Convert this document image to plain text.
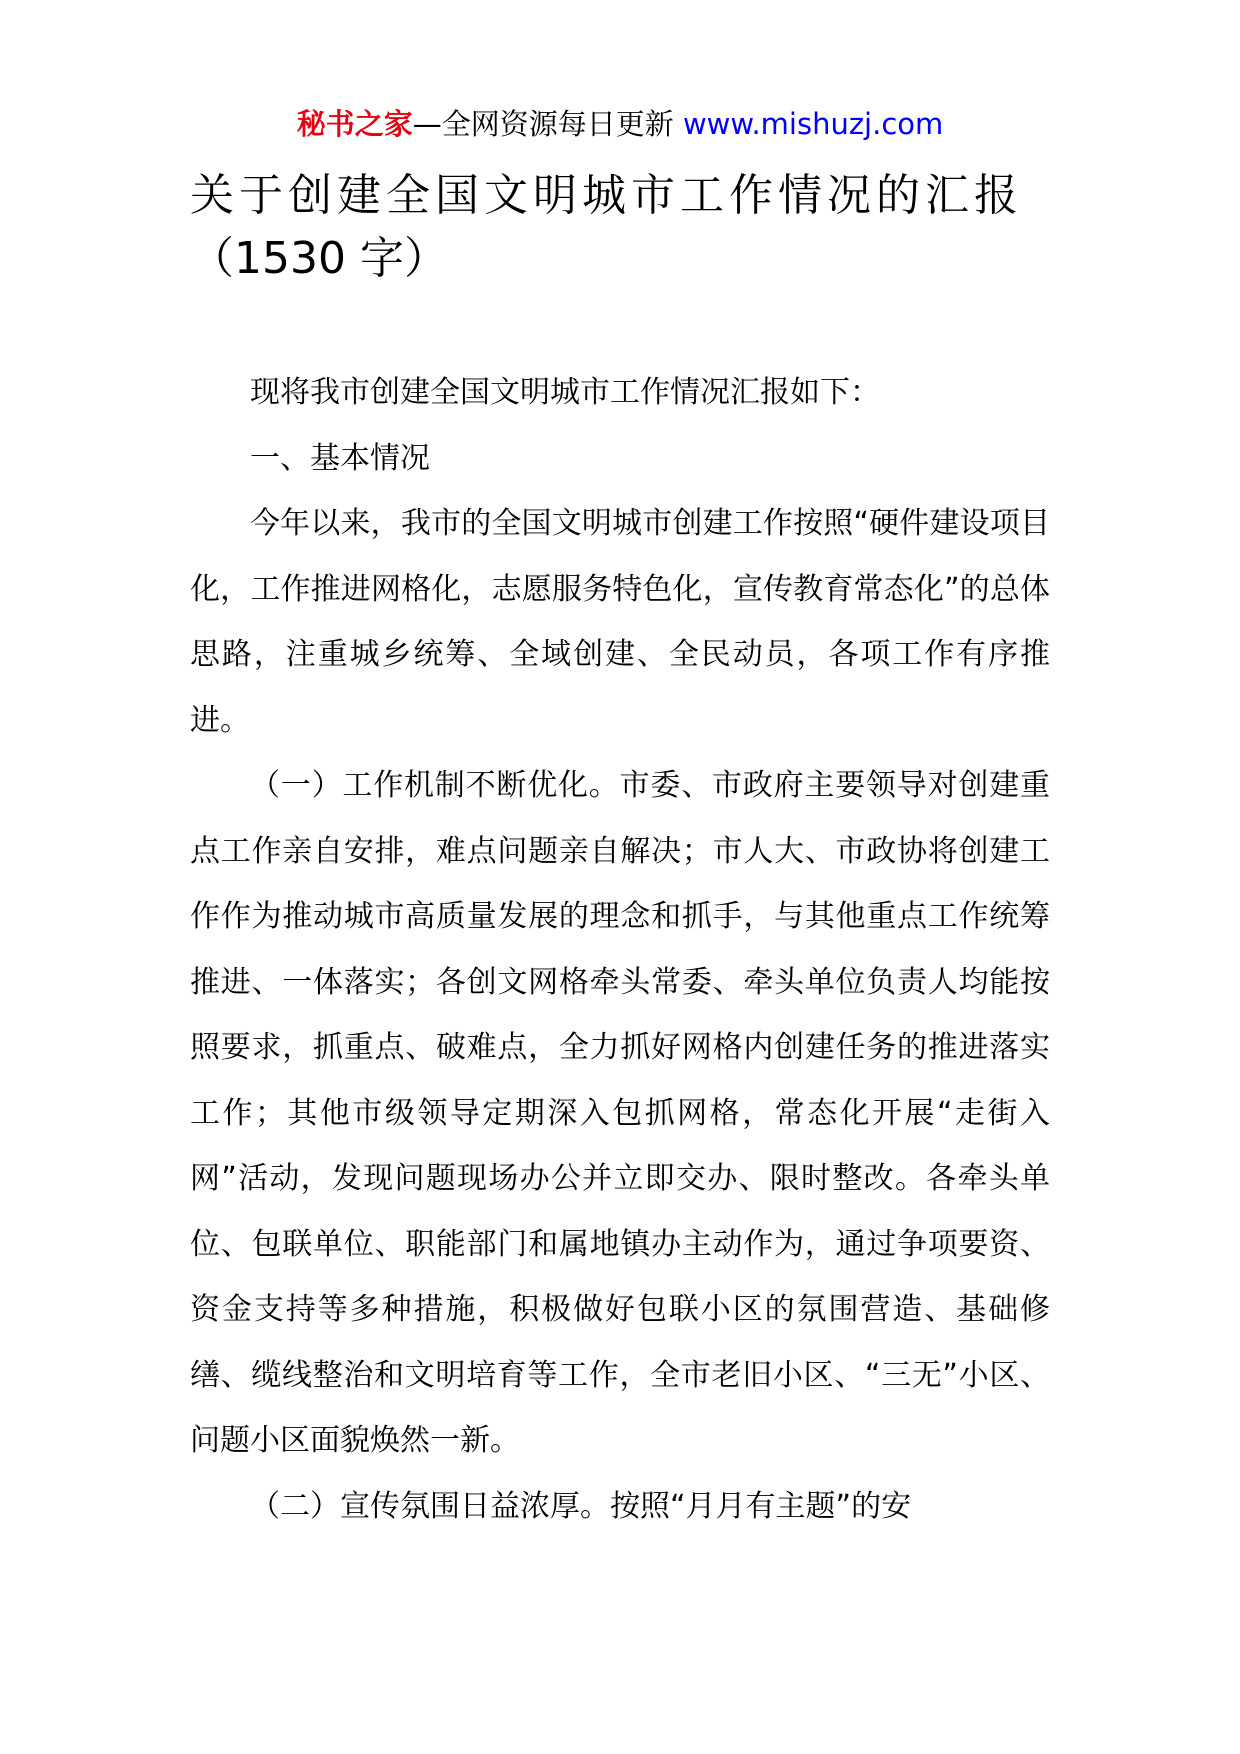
秘书之家—全网资源每日更新 www.mishuzj.com
关于创建全国文明城市工作情况的汇报
（1530 字）

现将我市创建全国文明城市工作情况汇报如下：

一、基本情况

今年以来，我市的全国文明城市创建工作按照“硬件建设项目化，工作推进网格化，志愿服务特色化，宣传教育常态化”的总体思路，注重城乡统筹、全域创建、全民动员，各项工作有序推进。

（一）工作机制不断优化。市委、市政府主要领导对创建重点工作亲自安排，难点问题亲自解决；市人大、市政协将创建工作作为推动城市高质量发展的理念和抓手，与其他重点工作统筹推进、一体落实；各创文网格牵头常委、牵头单位负责人均能按照要求，抓重点、破难点，全力抓好网格内创建任务的推进落实工作；其他市级领导定期深入包抓网格，常态化开展“走街入网”活动，发现问题现场办公并立即交办、限时整改。各牵头单位、包联单位、职能部门和属地镇办主动作为，通过争项要资、资金支持等多种措施，积极做好包联小区的氛围营造、基础修缮、缆线整治和文明培育等工作，全市老旧小区、“三无”小区、问题小区面貌焕然一新。

（二）宣传氛围日益浓厚。按照“月月有主题”的安
